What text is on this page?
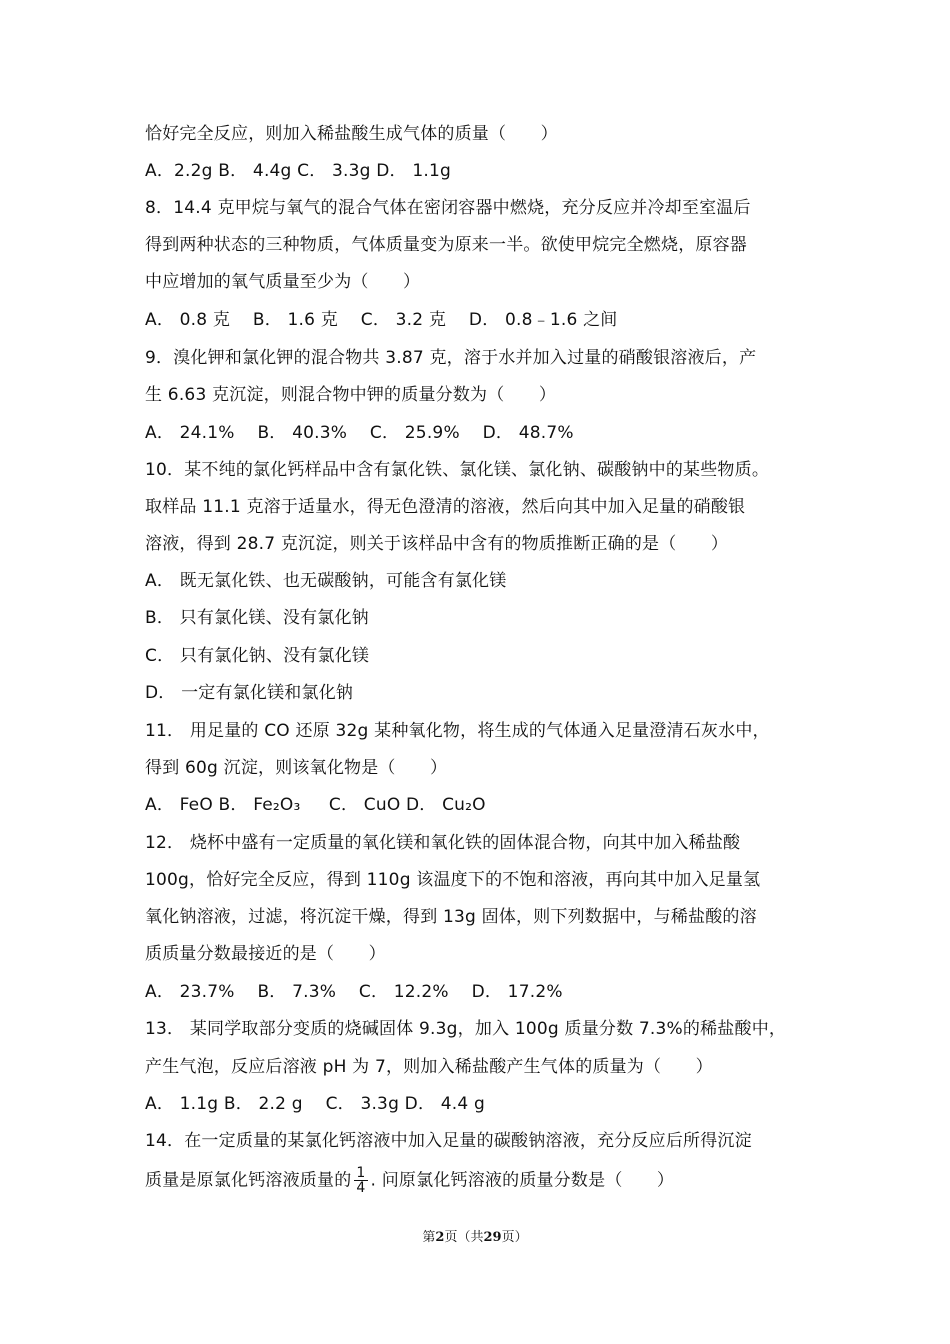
恰好完全反应，则加入稀盐酸生成气体的质量（　　）
A．2.2g B． 4.4g C． 3.3g D． 1.1g
8．14.4 克甲烷与氧气的混合气体在密闭容器中燃烧，充分反应并冷却至室温后
得到两种状态的三种物质，气体质量变为原来一半。欲使甲烷完全燃烧，原容器
中应增加的氧气质量至少为（　　）
A． 0.8 克　 B． 1.6 克　 C． 3.2 克　 D． 0.8﹣1.6 之间
9．溴化钾和氯化钾的混合物共 3.87 克，溶于水并加入过量的硝酸银溶液后，产
生 6.63 克沉淀，则混合物中钾的质量分数为（　　）
A． 24.1%　 B． 40.3%　 C． 25.9%　 D． 48.7%
10．某不纯的氯化钙样品中含有氯化铁、氯化镁、氯化钠、碳酸钠中的某些物质。
取样品 11.1 克溶于适量水，得无色澄清的溶液，然后向其中加入足量的硝酸银
溶液，得到 28.7 克沉淀，则关于该样品中含有的物质推断正确的是（　　）
A． 既无氯化铁、也无碳酸钠，可能含有氯化镁
B． 只有氯化镁、没有氯化钠
C． 只有氯化钠、没有氯化镁
D． 一定有氯化镁和氯化钠
11． 用足量的 CO 还原 32g 某种氧化物，将生成的气体通入足量澄清石灰水中，
得到 60g 沉淀，则该氧化物是（　　）
A． FeO B． Fe₂O₃ 　 C． CuO D． Cu₂O
12． 烧杯中盛有一定质量的氧化镁和氧化铁的固体混合物，向其中加入稀盐酸
100g，恰好完全反应，得到 110g 该温度下的不饱和溶液，再向其中加入足量氢
氧化钠溶液，过滤，将沉淀干燥，得到 13g 固体，则下列数据中，与稀盐酸的溶
质质量分数最接近的是（　　）
A． 23.7%　 B． 7.3%　 C． 12.2%　 D． 17.2%
13． 某同学取部分变质的烧碱固体 9.3g，加入 100g 质量分数 7.3%的稀盐酸中，
产生气泡，反应后溶液 pH 为 7，则加入稀盐酸产生气体的质量为（　　）
A． 1.1g B． 2.2 g　 C． 3.3g D． 4.4 g
14．在一定质量的某氯化钙溶液中加入足量的碳酸钠溶液，充分反应后所得沉淀
质量是原氯化钙溶液质量的 $\frac{1}{4}$ . 问原氯化钙溶液的质量分数是（　　）
第2页（共29页）
